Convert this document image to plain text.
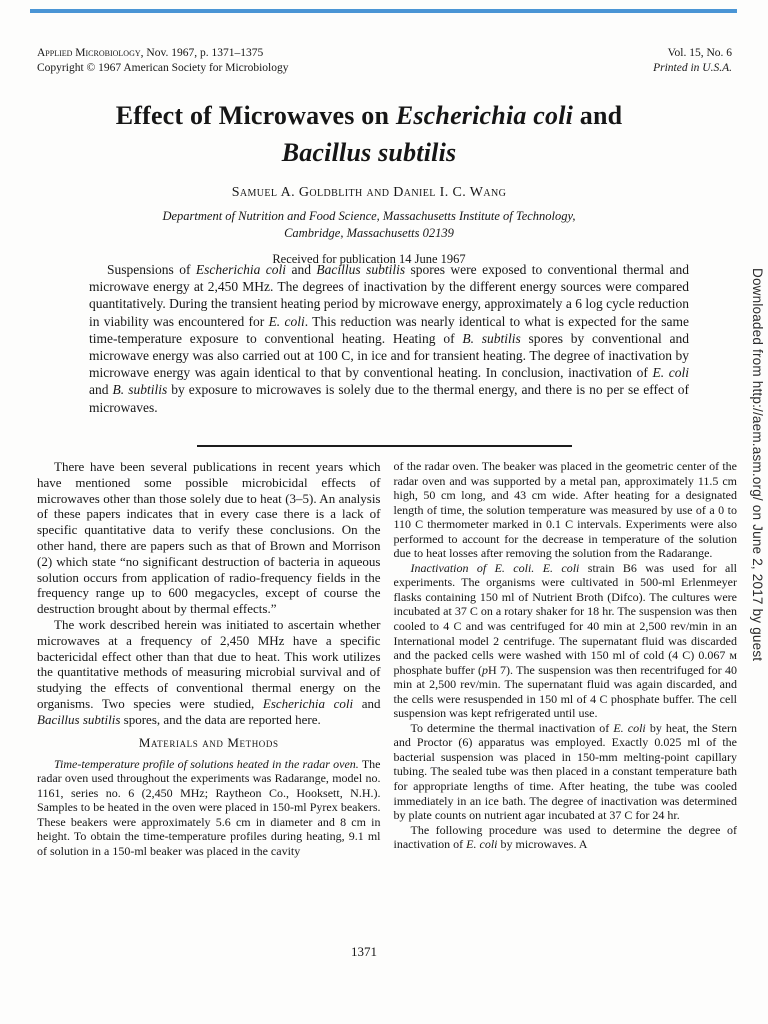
Applied Microbiology, Nov. 1967, p. 1371–1375
Copyright © 1967 American Society for Microbiology
Vol. 15, No. 6
Printed in U.S.A.
Effect of Microwaves on Escherichia coli and
Bacillus subtilis
Samuel A. Goldblith and Daniel I. C. Wang
Department of Nutrition and Food Science, Massachusetts Institute of Technology,
Cambridge, Massachusetts 02139
Received for publication 14 June 1967

Suspensions of Escherichia coli and Bacillus subtilis spores were exposed to conventional thermal and microwave energy at 2,450 MHz. The degrees of inactivation by the different energy sources were compared quantitatively. During the transient heating period by microwave energy, approximately a 6 log cycle reduction in viability was encountered for E. coli. This reduction was nearly identical to what is expected for the same time-temperature exposure to conventional heating. Heating of B. subtilis spores by conventional and microwave energy was also carried out at 100 C, in ice and for transient heating. The degree of inactivation by microwave energy was again identical to that by conventional heating. In conclusion, inactivation of E. coli and B. subtilis by exposure to microwaves is solely due to the thermal energy, and there is no per se effect of microwaves.

There have been several publications in recent years which have mentioned some possible microbicidal effects of microwaves other than those solely due to heat (3–5). An analysis of these papers indicates that in every case there is a lack of specific quantitative data to verify these conclusions. On the other hand, there are papers such as that of Brown and Morrison (2) which state “no significant destruction of bacteria in aqueous solution occurs from application of radio-frequency fields in the frequency range up to 600 megacycles, except of course the destruction brought about by thermal effects.”

The work described herein was initiated to ascertain whether microwaves at a frequency of 2,450 MHz have a specific bactericidal effect other than that due to heat. This work utilizes the quantitative methods of measuring microbial survival and of studying the effects of conventional thermal energy on the organisms. Two species were studied, Escherichia coli and Bacillus subtilis spores, and the data are reported here.

Materials and Methods

Time-temperature profile of solutions heated in the radar oven. The radar oven used throughout the experiments was Radarange, model no. 1161, series no. 6 (2,450 MHz; Raytheon Co., Hooksett, N.H.). Samples to be heated in the oven were placed in 150-ml Pyrex beakers. These beakers were approximately 5.6 cm in diameter and 8 cm in height. To obtain the time-temperature profiles during heating, 9.1 ml of solution in a 150-ml beaker was placed in the cavity

of the radar oven. The beaker was placed in the geometric center of the radar oven and was supported by a metal pan, approximately 11.5 cm high, 50 cm long, and 43 cm wide. After heating for a designated length of time, the solution temperature was measured by use of a 0 to 110 C thermometer marked in 0.1 C intervals. Experiments were also performed to account for the decrease in temperature of the solution due to heat losses after removing the solution from the Radarange.

Inactivation of E. coli. E. coli strain B6 was used for all experiments. The organisms were cultivated in 500-ml Erlenmeyer flasks containing 150 ml of Nutrient Broth (Difco). The cultures were incubated at 37 C on a rotary shaker for 18 hr. The suspension was then cooled to 4 C and was centrifuged for 40 min at 2,500 rev/min in an International model 2 centrifuge. The supernatant fluid was discarded and the packed cells were washed with 150 ml of cold (4 C) 0.067 ᴍ phosphate buffer (pH 7). The suspension was then recentrifuged for 40 min at 2,500 rev/min. The supernatant fluid was again discarded, and the cells were resuspended in 150 ml of 4 C phosphate buffer. The cell suspension was kept refrigerated until use.

To determine the thermal inactivation of E. coli by heat, the Stern and Proctor (6) apparatus was employed. Exactly 0.025 ml of the bacterial suspension was placed in 150-mm melting-point capillary tubing. The sealed tube was then placed in a constant temperature bath for appropriate lengths of time. After heating, the tube was cooled immediately in an ice bath. The degree of inactivation was determined by plate counts on nutrient agar incubated at 37 C for 24 hr.

The following procedure was used to determine the degree of inactivation of E. coli by microwaves. A

1371
Downloaded from http://aem.asm.org/ on June 2, 2017 by guest
